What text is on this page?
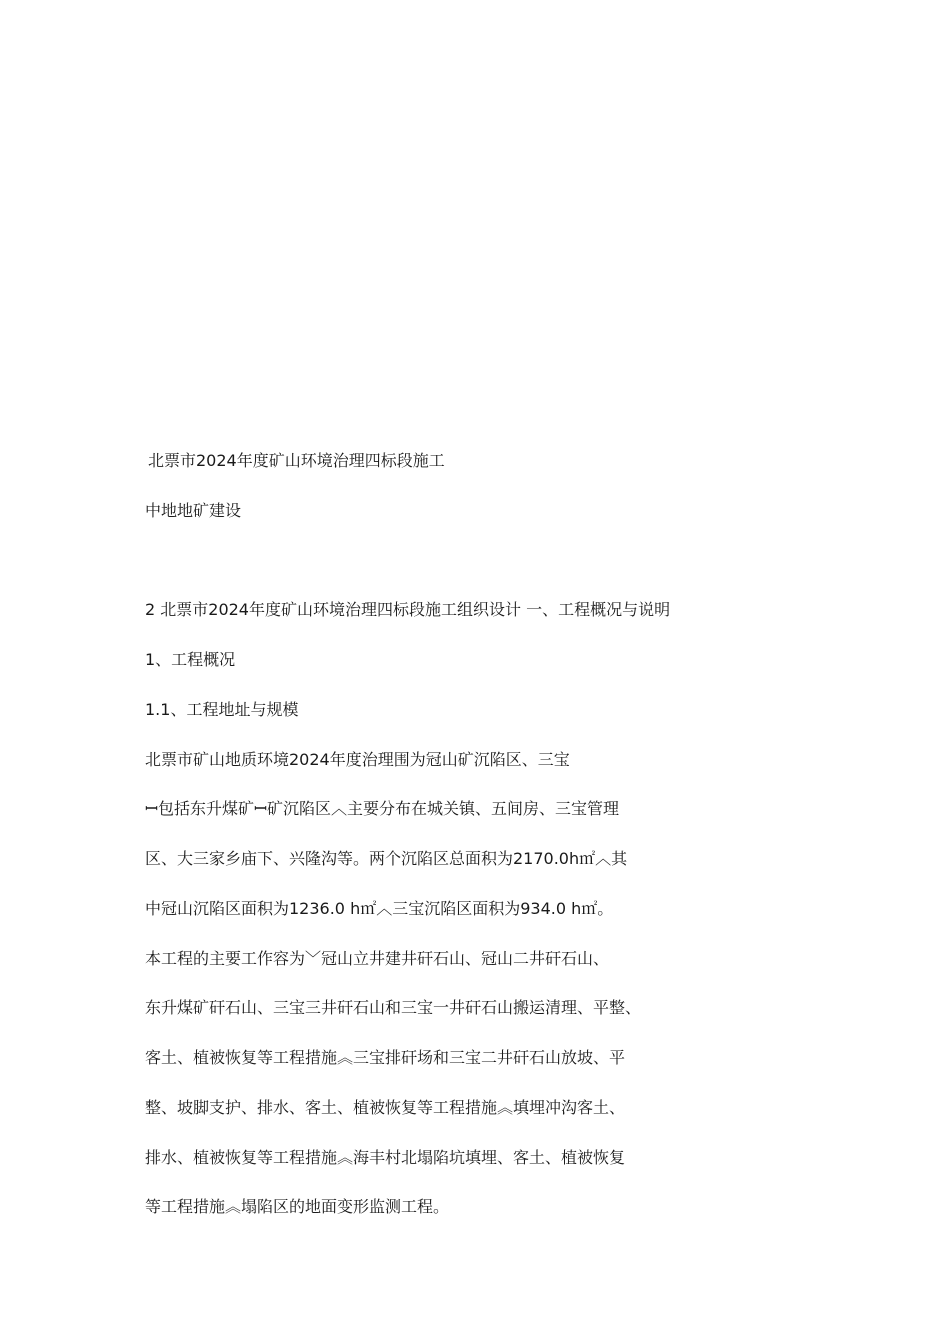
北票市2024年度矿山环境治理四标段施工
中地地矿建设
2 北票市2024年度矿山环境治理四标段施工组织设计 一、工程概况与说明
1、工程概况
1.1、工程地址与规模
北票市矿山地质环境2024年度治理围为冠山矿沉陷区、三宝
ꟷ包括东升煤矿ꟷ矿沉陷区︿主要分布在城关镇、五间房、三宝管理
区、大三家乡庙下、兴隆沟等。两个沉陷区总面积为2170.0h㎡︿其
中冠山沉陷区面积为1236.0 h㎡︿三宝沉陷区面积为934.0 h㎡。
本工程的主要工作容为﹀冠山立井建井矸石山、冠山二井矸石山、
东升煤矿矸石山、三宝三井矸石山和三宝一井矸石山搬运清理、平整、
客土、植被恢复等工程措施︽三宝排矸场和三宝二井矸石山放坡、平
整、坡脚支护、排水、客土、植被恢复等工程措施︽填埋冲沟客土、
排水、植被恢复等工程措施︽海丰村北塌陷坑填埋、客土、植被恢复
等工程措施︽塌陷区的地面变形监测工程。
